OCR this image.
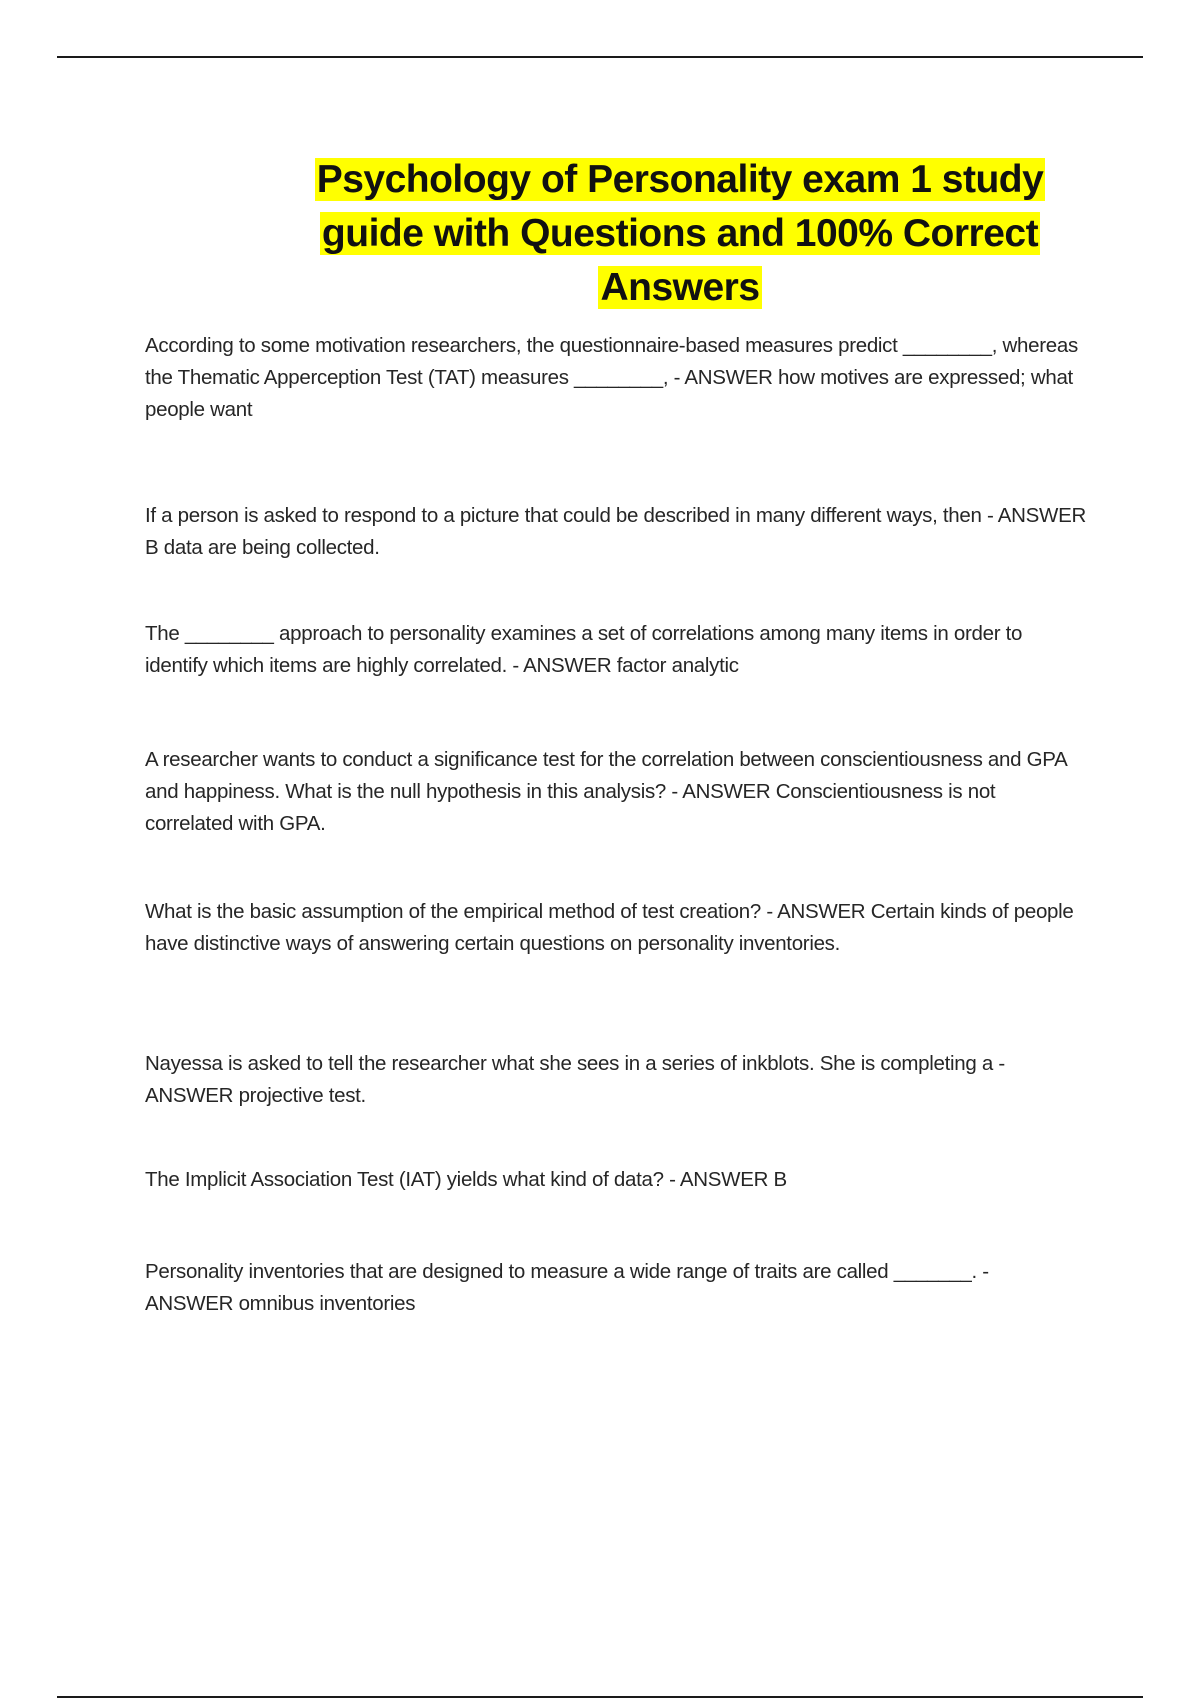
Psychology of Personality exam 1 study guide with Questions and 100% Correct Answers
According to some motivation researchers, the questionnaire-based measures predict ________, whereas the Thematic Apperception Test (TAT) measures ________, - ANSWER how motives are expressed; what people want
If a person is asked to respond to a picture that could be described in many different ways, then - ANSWER B data are being collected.
The ________ approach to personality examines a set of correlations among many items in order to identify which items are highly correlated. - ANSWER factor analytic
A researcher wants to conduct a significance test for the correlation between conscientiousness and GPA and happiness. What is the null hypothesis in this analysis? - ANSWER Conscientiousness is not correlated with GPA.
What is the basic assumption of the empirical method of test creation? - ANSWER Certain kinds of people have distinctive ways of answering certain questions on personality inventories.
Nayessa is asked to tell the researcher what she sees in a series of inkblots. She is completing a - ANSWER projective test.
The Implicit Association Test (IAT) yields what kind of data? - ANSWER B
Personality inventories that are designed to measure a wide range of traits are called _______. - ANSWER omnibus inventories
